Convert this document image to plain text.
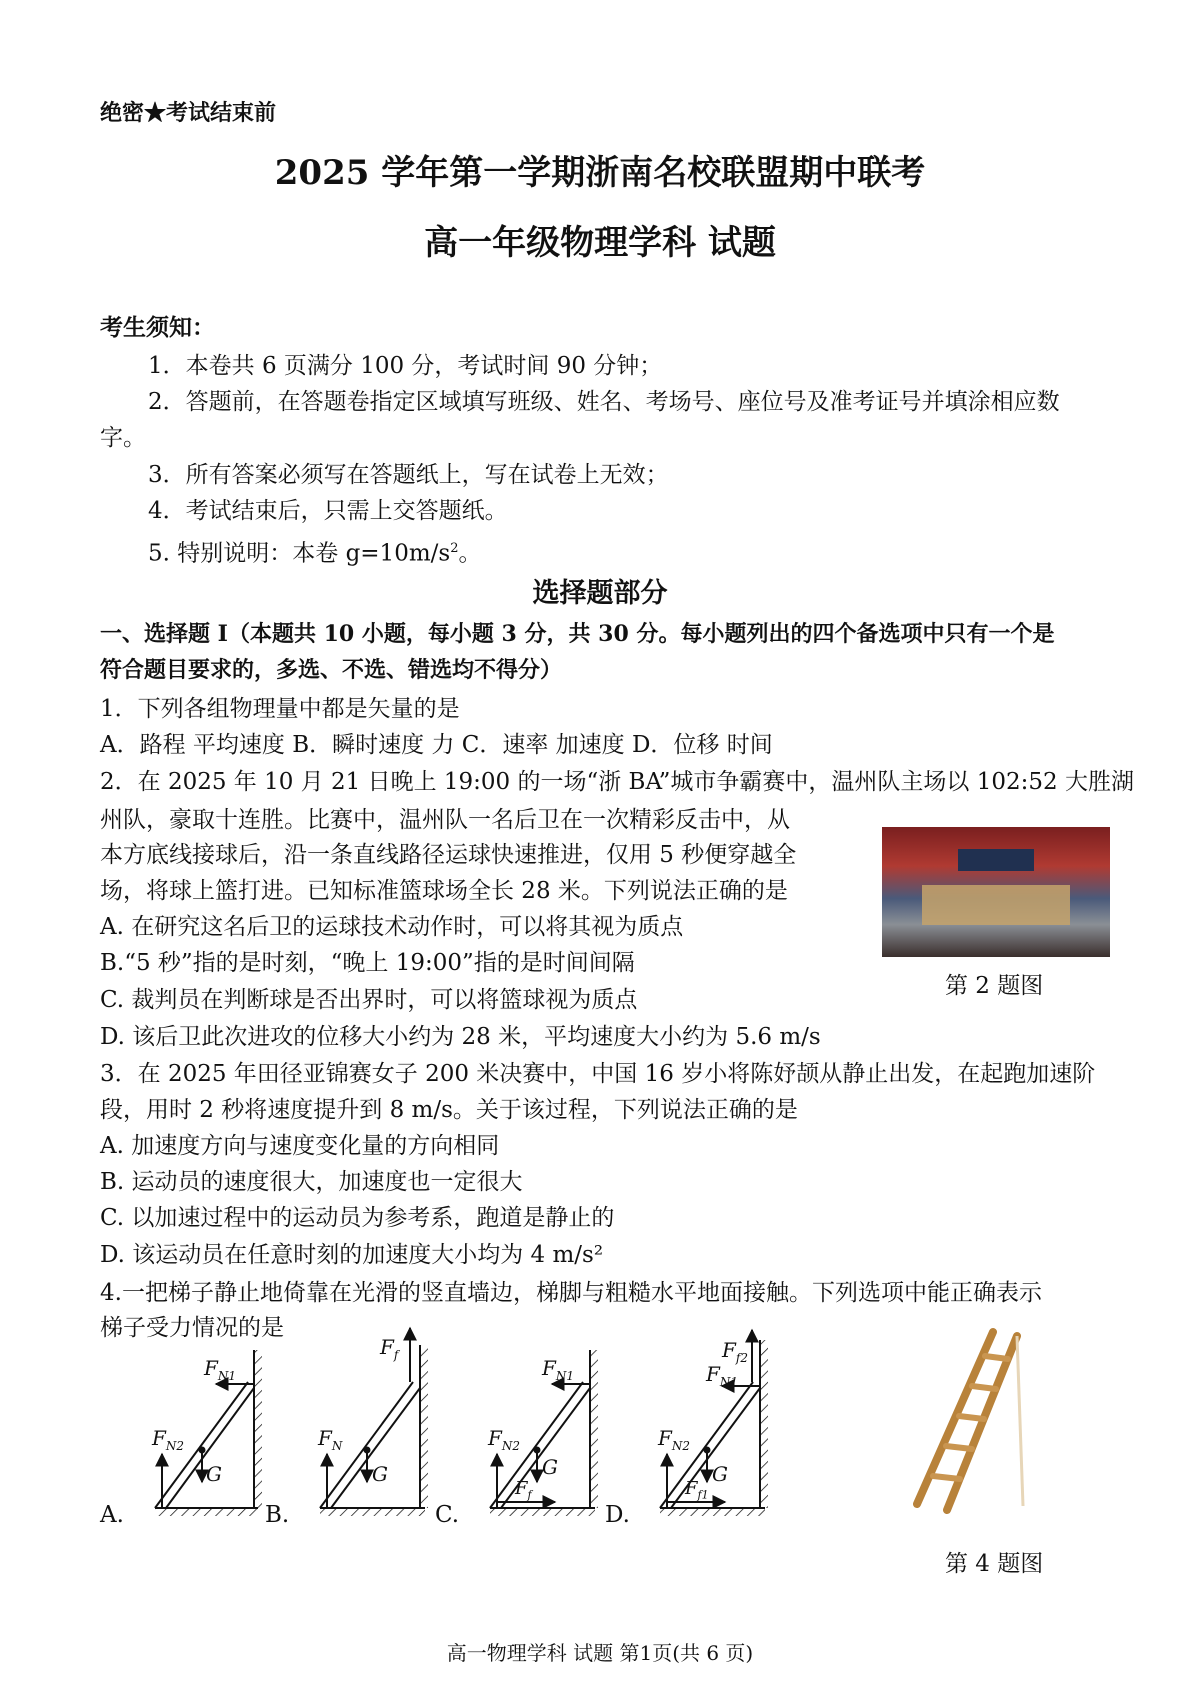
绝密★考试结束前
2025 学年第一学期浙南名校联盟期中联考
高一年级物理学科 试题
考生须知：
1．本卷共 6 页满分 100 分，考试时间 90 分钟；
2．答题前，在答题卷指定区域填写班级、姓名、考场号、座位号及准考证号并填涂相应数
字。
3．所有答案必须写在答题纸上，写在试卷上无效；
4．考试结束后，只需上交答题纸。
5. 特别说明：本卷 $g=10m/s^2$。
选择题部分
一、选择题 I（本题共 10 小题，每小题 3 分，共 30 分。每小题列出的四个备选项中只有一个是
符合题目要求的，多选、不选、错选均不得分）
1．下列各组物理量中都是矢量的是
A．路程 平均速度 B．瞬时速度 力 C．速率 加速度 D．位移 时间
2．在 2025 年 10 月 21 日晚上 19:00 的一场“浙 BA”城市争霸赛中，温州队主场以 102:52 大胜湖
州队，豪取十连胜。比赛中，温州队一名后卫在一次精彩反击中，从
本方底线接球后，沿一条直线路径运球快速推进，仅用 5 秒便穿越全
场，将球上篮打进。已知标准篮球场全长 28 米。下列说法正确的是
A. 在研究这名后卫的运球技术动作时，可以将其视为质点
B.“5 秒”指的是时刻，“晚上 19:00”指的是时间间隔
C. 裁判员在判断球是否出界时，可以将篮球视为质点
D. 该后卫此次进攻的位移大小约为 28 米，平均速度大小约为 5.6 m/s
第 2 题图
3．在 2025 年田径亚锦赛女子 200 米决赛中，中国 16 岁小将陈妤颉从静止出发，在起跑加速阶
段，用时 2 秒将速度提升到 8 m/s。关于该过程，下列说法正确的是
A. 加速度方向与速度变化量的方向相同
B. 运动员的速度很大，加速度也一定很大
C. 以加速过程中的运动员为参考系，跑道是静止的
D. 该运动员在任意时刻的加速度大小均为 4 m/s²
4.一把梯子静止地倚靠在光滑的竖直墙边，梯脚与粗糙水平地面接触。下列选项中能正确表示
梯子受力情况的是
A.	B.	C.	D.
$F_{N1}$
$F_{N2}$
G
$F_f$
$F_N$
G
$F_{N1}$
$F_{N2}$
G
$F_f$
$F_{f2}$
$F_{N1}$
$F_{N2}$
G
$F_{f1}$
第 4 题图
高一物理学科 试题 第1页(共 6 页)
